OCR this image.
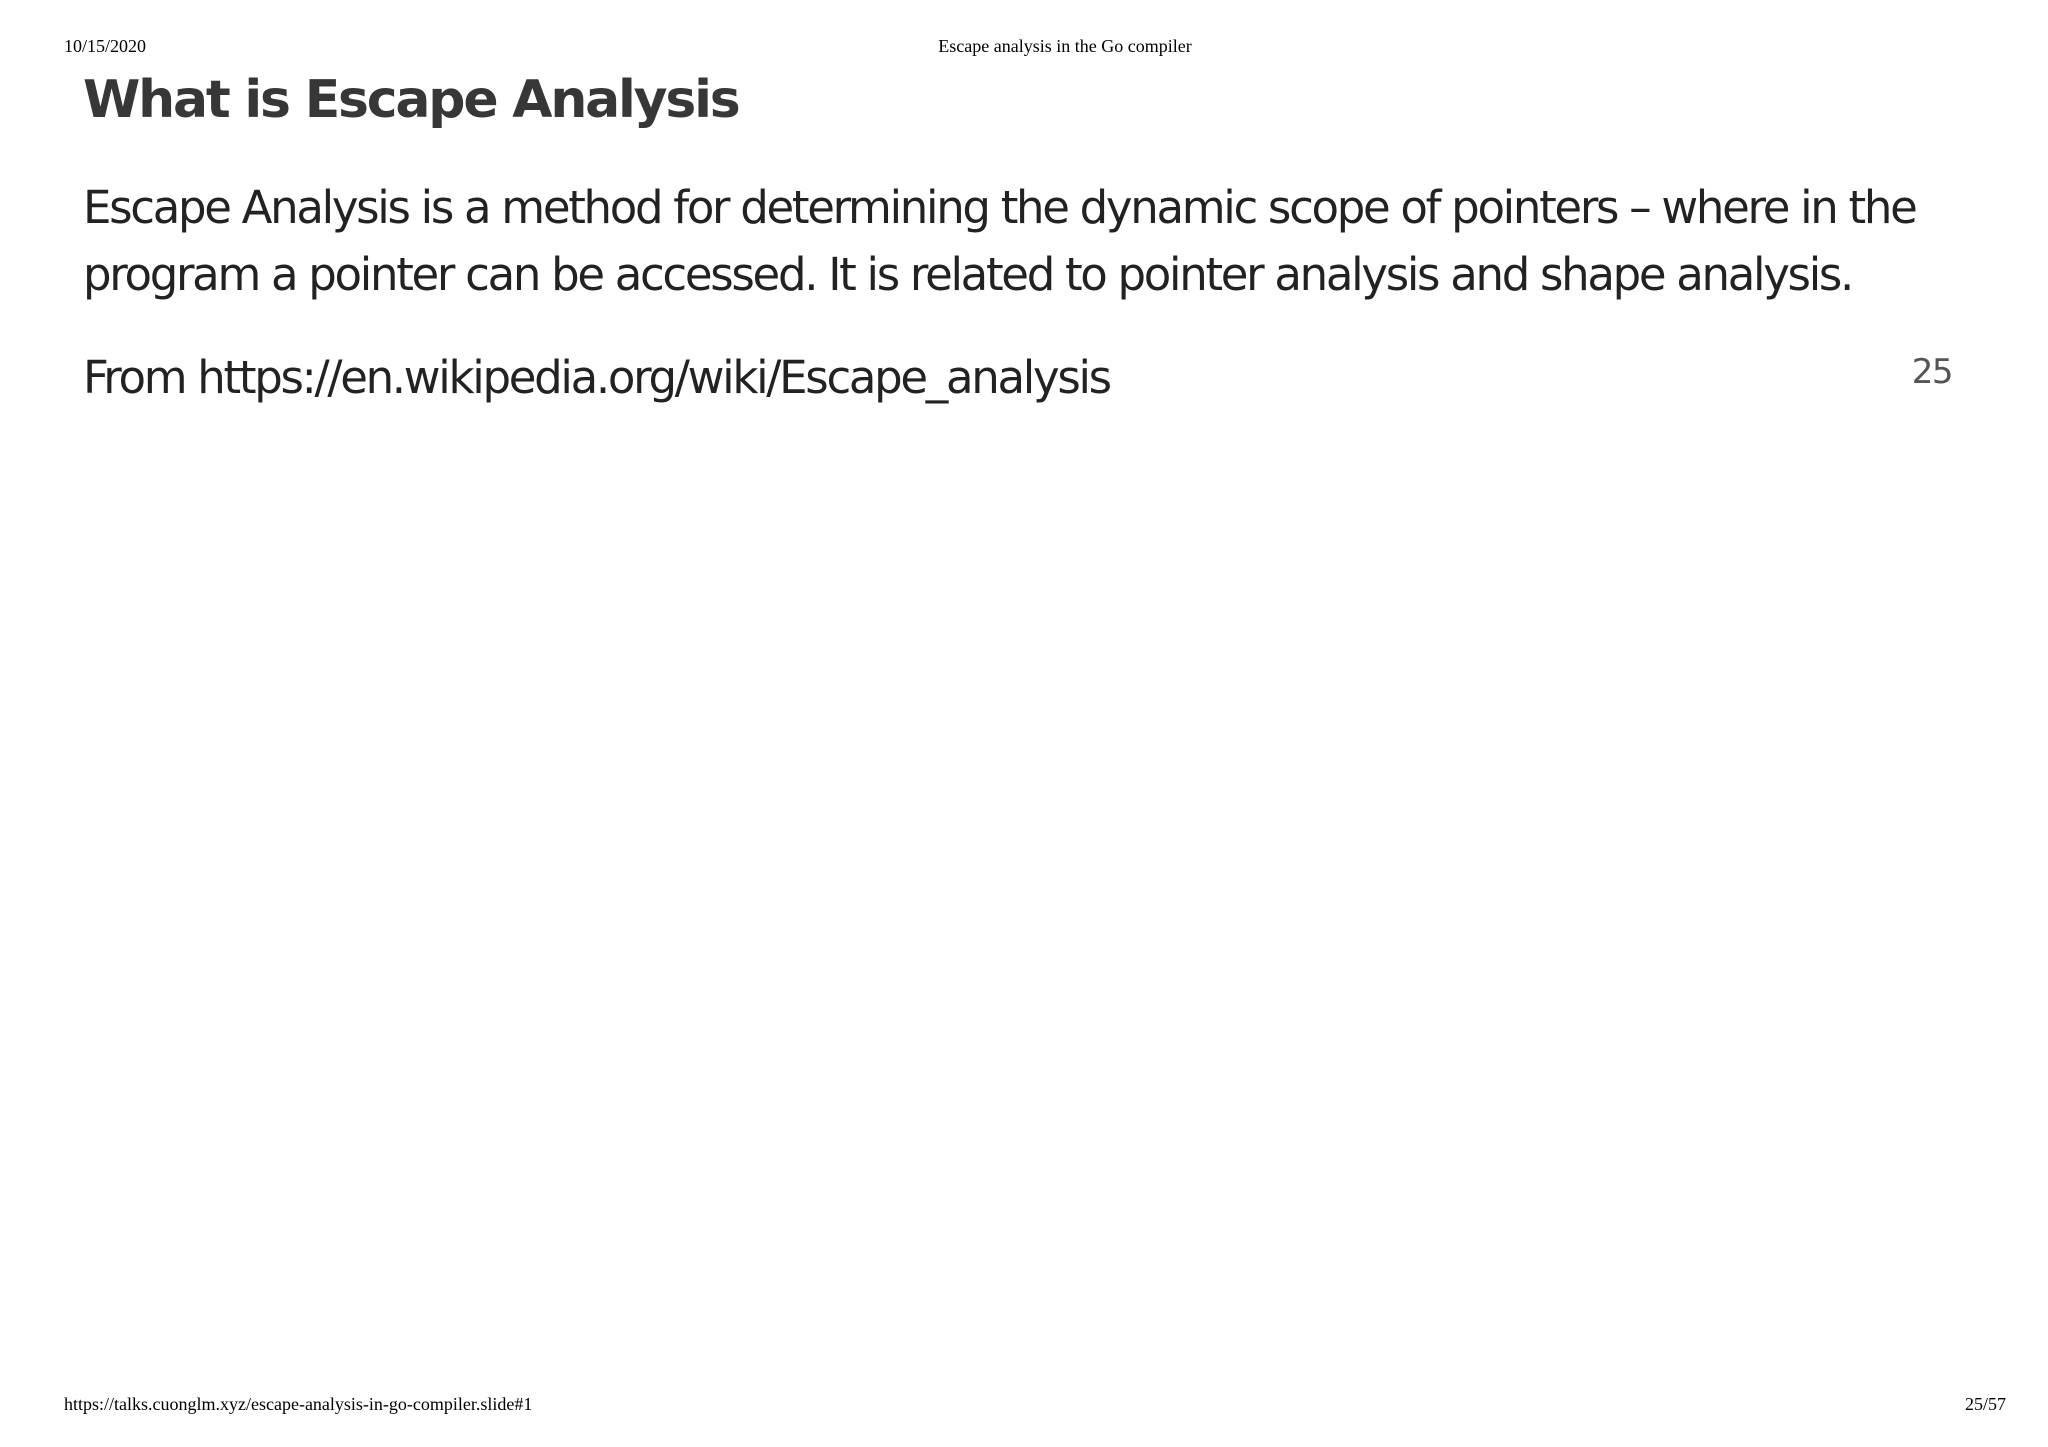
10/15/2020	Escape analysis in the Go compiler
What is Escape Analysis

Escape Analysis is a method for determining the dynamic scope of pointers – where in the program a pointer can be accessed. It is related to pointer analysis and shape analysis.

From https://en.wikipedia.org/wiki/Escape_analysis	25
https://talks.cuonglm.xyz/escape-analysis-in-go-compiler.slide#1	25/57
